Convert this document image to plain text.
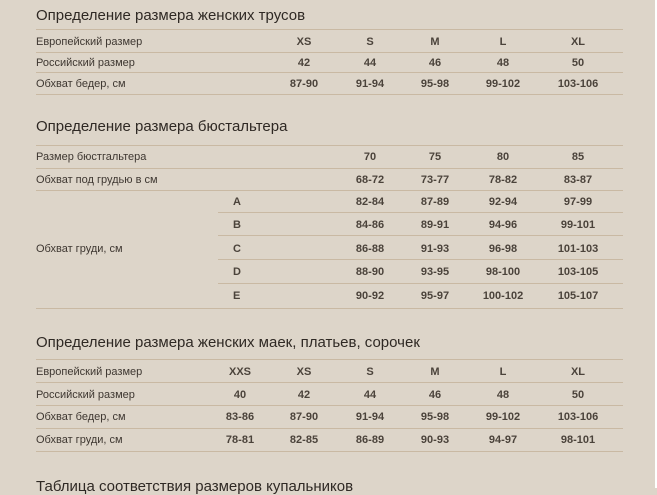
Определение размера женских трусов
Европейский размер	XS	S	M	L	XL
Российский размер	42	44	46	48	50
Обхват бедер, см	87-90	91-94	95-98	99-102	103-106
Определение размера бюстальтера
Размер бюстгальтера	70	75	80	85
Обхват под грудью в см	68-72	73-77	78-82	83-87
Обхват груди, см
A	82-84	87-89	92-94	97-99
B	84-86	89-91	94-96	99-101
C	86-88	91-93	96-98	101-103
D	88-90	93-95	98-100	103-105
E	90-92	95-97	100-102	105-107
Определение размера женских маек, платьев, сорочек
Европейский размер	XXS	XS	S	M	L	XL
Российский размер	40	42	44	46	48	50
Обхват бедер, см	83-86	87-90	91-94	95-98	99-102	103-106
Обхват груди, см	78-81	82-85	86-89	90-93	94-97	98-101
Таблица соответствия размеров купальников
